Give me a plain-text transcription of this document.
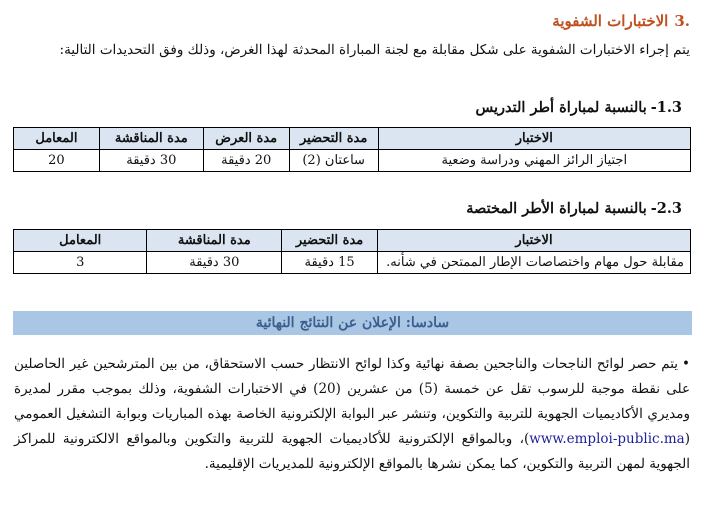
.3الاختبارات الشفوية
يتم إجراء الاختبارات الشفوية على شكل مقابلة مع لجنة المباراة المحدثة لهذا الغرض، وذلك وفق التحديدات التالية:
1.3-بالنسبة لمباراة أطر التدريس
الاختبار	مدة التحضير	مدة العرض	مدة المناقشة	المعامل
اجتياز الرائز المهني ودراسة وضعية	ساعتان (2)	20 دقيقة	30 دقيقة	20
2.3-بالنسبة لمباراة الأطر المختصة
الاختبار	مدة التحضير	مدة المناقشة	المعامل
مقابلة حول مهام واختصاصات الإطار الممتحن في شأنه.	15 دقيقة	30 دقيقة	3
سادسا: الإعلان عن النتائج النهائية
•يتم حصر لوائح الناجحات والناجحين بصفة نهائية وكذا لوائح الانتظار حسب الاستحقاق، من بين المترشحين غير الحاصلين على نقطة موجبة للرسوب تقل عن خمسة (5) من عشرين (20) في الاختبارات الشفوية، وذلك بموجب مقرر لمديرة ومديري الأكاديميات الجهوية للتربية والتكوين، وتنشر عبر البوابة الإلكترونية الخاصة بهذه المباريات وبوابة التشغيل العمومي (www.emploi-public.ma)، وبالمواقع الإلكترونية للأكاديميات الجهوية للتربية والتكوين وبالمواقع الالكترونية للمراكز الجهوية لمهن التربية والتكوين، كما يمكن نشرها بالمواقع الإلكترونية للمديريات الإقليمية.
